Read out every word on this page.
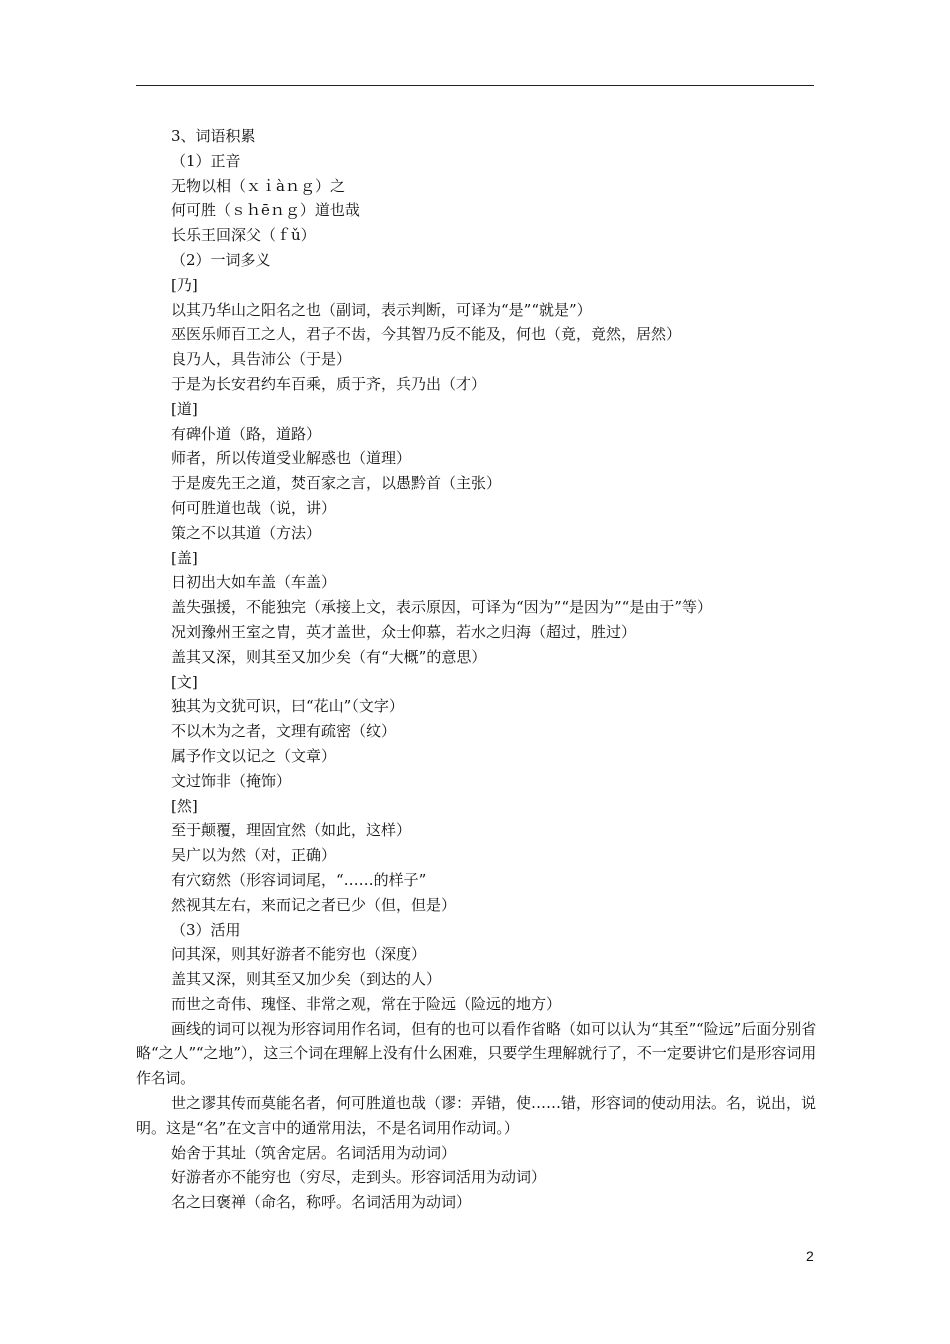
3、词语积累
（1）正音
无物以相（ｘｉàｎｇ）之
何可胜（ｓｈēｎｇ）道也哉
长乐王回深父（ｆǔ）
（2）一词多义
[乃]
以其乃华山之阳名之也（副词，表示判断，可译为“是”“就是”）
巫医乐师百工之人，君子不齿，今其智乃反不能及，何也（竟，竟然，居然）
良乃人，具告沛公（于是）
于是为长安君约车百乘，质于齐，兵乃出（才）
[道]
有碑仆道（路，道路）
师者，所以传道受业解惑也（道理）
于是废先王之道，焚百家之言，以愚黔首（主张）
何可胜道也哉（说，讲）
策之不以其道（方法）
[盖]
日初出大如车盖（车盖）
盖失强援，不能独完（承接上文，表示原因，可译为“因为”“是因为”“是由于”等）
况刘豫州王室之胄，英才盖世，众士仰慕，若水之归海（超过，胜过）
盖其又深，则其至又加少矣（有“大概”的意思）
[文]
独其为文犹可识，曰“花山”（文字）
不以木为之者，文理有疏密（纹）
属予作文以记之（文章）
文过饰非（掩饰）
[然]
至于颠覆，理固宜然（如此，这样）
吴广以为然（对，正确）
有穴窈然（形容词词尾，“……的样子”
然视其左右，来而记之者已少（但，但是）
（3）活用
问其深，则其好游者不能穷也（深度）
盖其又深，则其至又加少矣（到达的人）
而世之奇伟、瑰怪、非常之观，常在于险远（险远的地方）
画线的词可以视为形容词用作名词，但有的也可以看作省略（如可以认为“其至”“险远”后面分别省略“之人”“之地”），这三个词在理解上没有什么困难，只要学生理解就行了，不一定要讲它们是形容词用作名词。
世之谬其传而莫能名者，何可胜道也哉（谬：弄错，使……错，形容词的使动用法。名，说出，说明。这是“名”在文言中的通常用法，不是名词用作动词。）
始舍于其址（筑舍定居。名词活用为动词）
好游者亦不能穷也（穷尽，走到头。形容词活用为动词）
名之曰褒禅（命名，称呼。名词活用为动词）
2
